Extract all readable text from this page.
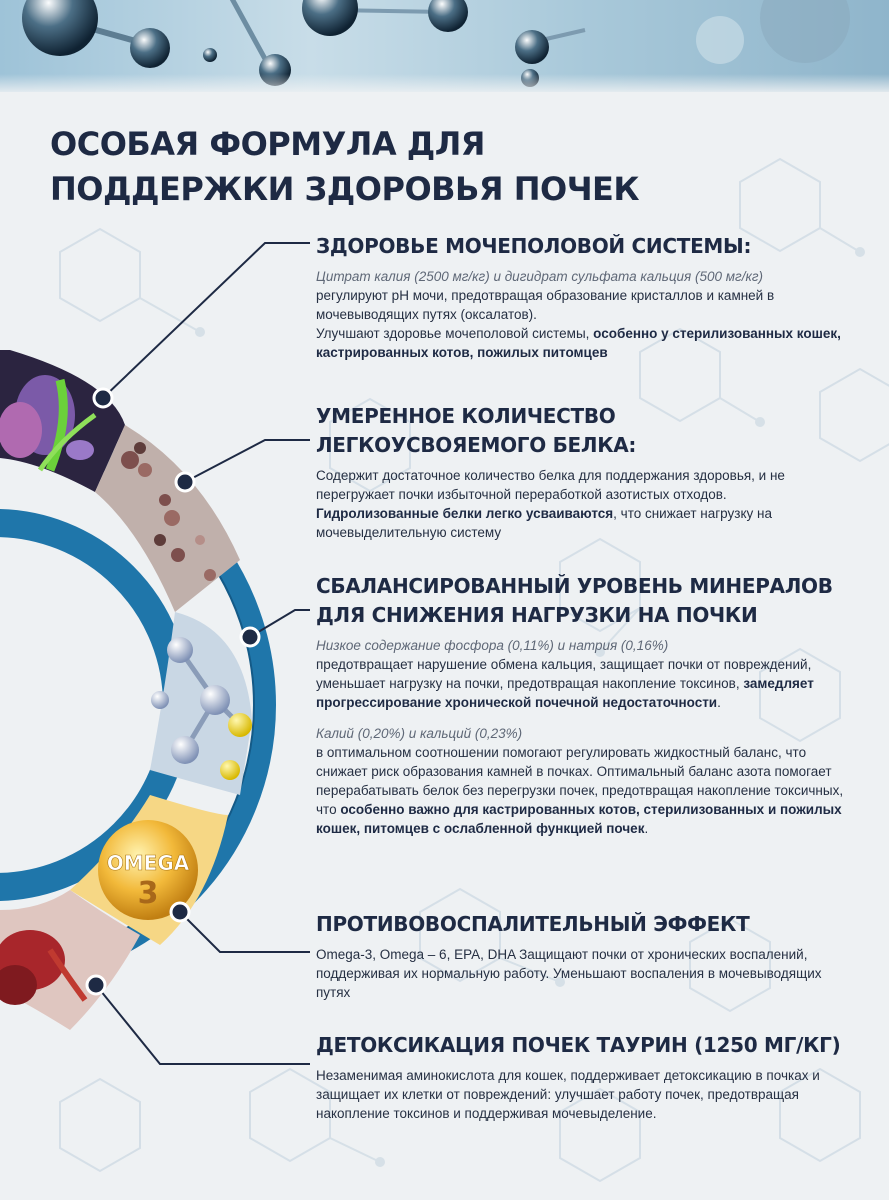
OMEGA
3
ОСОБАЯ ФОРМУЛА ДЛЯ
ПОДДЕРЖКИ ЗДОРОВЬЯ ПОЧЕК
ЗДОРОВЬЕ МОЧЕПОЛОВОЙ СИСТЕМЫ:

Цитрат калия (2500 мг/кг) и дигидрат сульфата кальция (500 мг/кг)
регулируют pH мочи, предотвращая образование кристаллов и камней в мочевыводящих путях (оксалатов).
Улучшают здоровье мочеполовой системы, особенно у стерилизованных кошек, кастрированных котов, пожилых питомцев

УМЕРЕННОЕ КОЛИЧЕСТВО
ЛЕГКОУСВОЯЕМОГО БЕЛКА:

Содержит достаточное количество белка для поддержания здоровья, и не перегружает почки избыточной переработкой азотистых отходов. Гидролизованные белки легко усваиваются, что снижает нагрузку на мочевыделительную систему

СБАЛАНСИРОВАННЫЙ УРОВЕНЬ МИНЕРАЛОВ
ДЛЯ СНИЖЕНИЯ НАГРУЗКИ НА ПОЧКИ

Низкое содержание фосфора (0,11%) и натрия (0,16%)
предотвращает нарушение обмена кальция, защищает почки от повреждений, уменьшает нагрузку на почки, предотвращая накопление токсинов, замедляет прогрессирование хронической почечной недостаточности.

Калий (0,20%) и кальций (0,23%)
в оптимальном соотношении помогают регулировать жидкостный баланс, что снижает риск образования камней в почках. Оптимальный баланс азота помогает перерабатывать белок без перегрузки почек, предотвращая накопление токсичных, что особенно важно для кастрированных котов, стерилизованных и пожилых кошек, питомцев с ослабленной функцией почек.

ПРОТИВОВОСПАЛИТЕЛЬНЫЙ ЭФФЕКТ

Omega-3, Omega – 6, EPA, DHA Защищают почки от хронических воспалений, поддерживая их нормальную работу. Уменьшают воспаления в мочевыводящих путях

ДЕТОКСИКАЦИЯ ПОЧЕК ТАУРИН (1250 МГ/КГ)

Незаменимая аминокислота для кошек, поддерживает детоксикацию в почках и защищает их клетки от повреждений: улучшает работу почек, предотвращая накопление токсинов и поддерживая мочевыделение.
